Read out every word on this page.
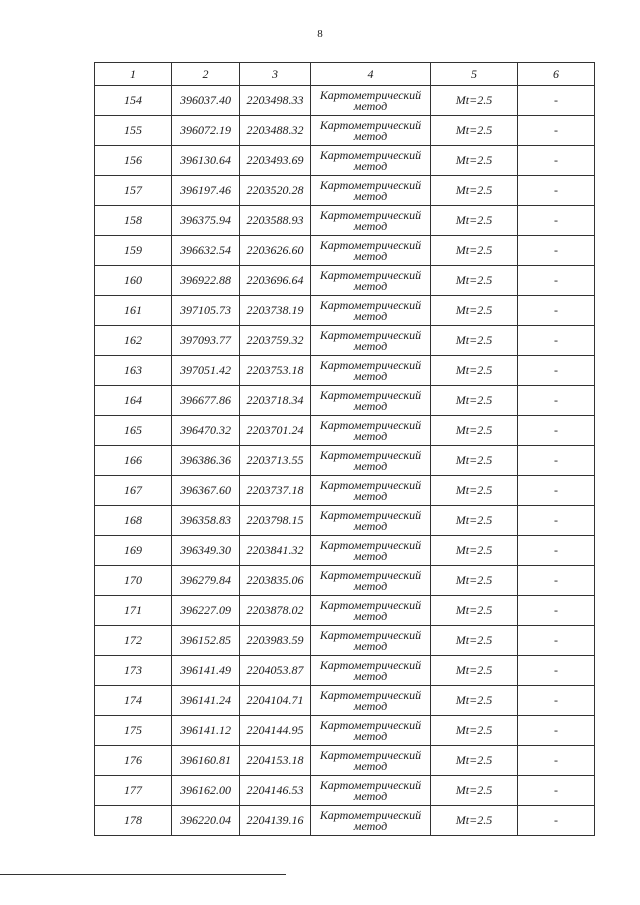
8
1	2	3	4	5	6
154	396037.40	2203498.33	Картометрический
метод	Mt=2.5	-
155	396072.19	2203488.32	Картометрический
метод	Mt=2.5	-
156	396130.64	2203493.69	Картометрический
метод	Mt=2.5	-
157	396197.46	2203520.28	Картометрический
метод	Mt=2.5	-
158	396375.94	2203588.93	Картометрический
метод	Mt=2.5	-
159	396632.54	2203626.60	Картометрический
метод	Mt=2.5	-
160	396922.88	2203696.64	Картометрический
метод	Mt=2.5	-
161	397105.73	2203738.19	Картометрический
метод	Mt=2.5	-
162	397093.77	2203759.32	Картометрический
метод	Mt=2.5	-
163	397051.42	2203753.18	Картометрический
метод	Mt=2.5	-
164	396677.86	2203718.34	Картометрический
метод	Mt=2.5	-
165	396470.32	2203701.24	Картометрический
метод	Mt=2.5	-
166	396386.36	2203713.55	Картометрический
метод	Mt=2.5	-
167	396367.60	2203737.18	Картометрический
метод	Mt=2.5	-
168	396358.83	2203798.15	Картометрический
метод	Mt=2.5	-
169	396349.30	2203841.32	Картометрический
метод	Mt=2.5	-
170	396279.84	2203835.06	Картометрический
метод	Mt=2.5	-
171	396227.09	2203878.02	Картометрический
метод	Mt=2.5	-
172	396152.85	2203983.59	Картометрический
метод	Mt=2.5	-
173	396141.49	2204053.87	Картометрический
метод	Mt=2.5	-
174	396141.24	2204104.71	Картометрический
метод	Mt=2.5	-
175	396141.12	2204144.95	Картометрический
метод	Mt=2.5	-
176	396160.81	2204153.18	Картометрический
метод	Mt=2.5	-
177	396162.00	2204146.53	Картометрический
метод	Mt=2.5	-
178	396220.04	2204139.16	Картометрический
метод	Mt=2.5	-
